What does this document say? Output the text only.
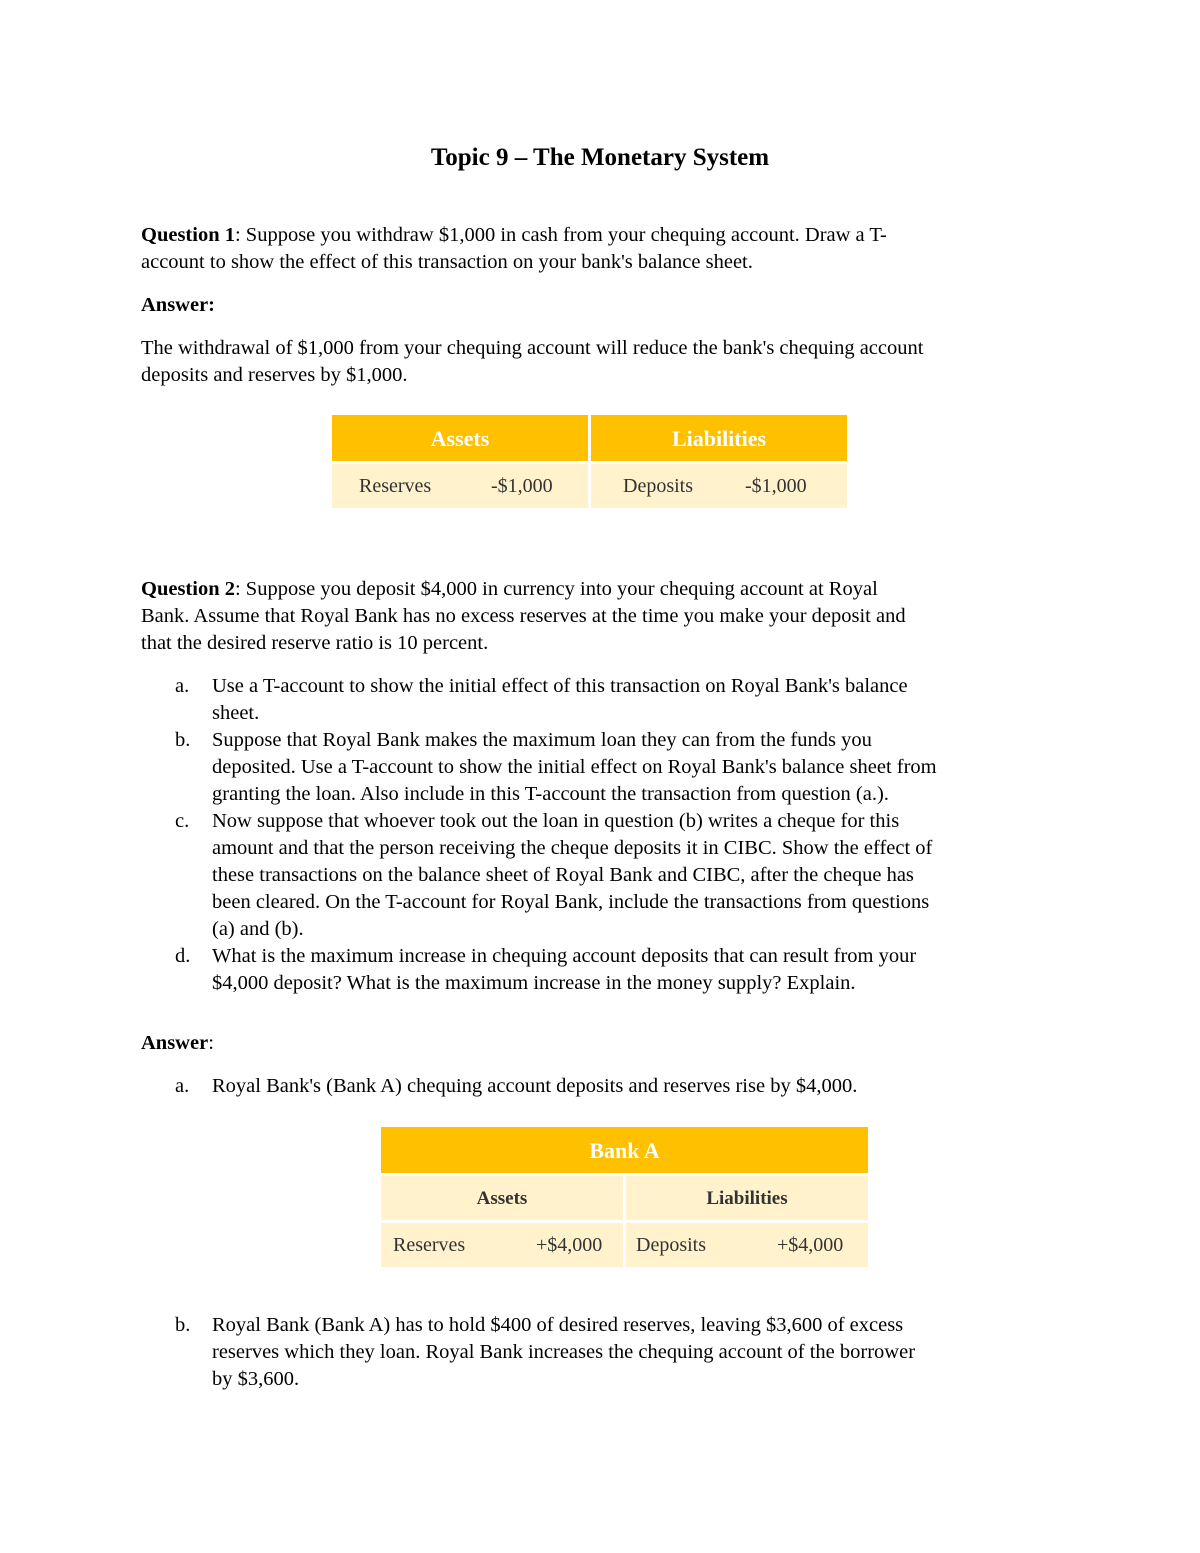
Topic 9 – The Monetary System
Question 1: Suppose you withdraw $1,000 in cash from your chequing account. Draw a T-
account to show the effect of this transaction on your bank's balance sheet.
Answer:
The withdrawal of $1,000 from your chequing account will reduce the bank's chequing account
deposits and reserves by $1,000.
Assets	Liabilities

Reserves -$1,000	Deposits -$1,000
Question 2: Suppose you deposit $4,000 in currency into your chequing account at Royal
Bank. Assume that Royal Bank has no excess reserves at the time you make your deposit and
that the desired reserve ratio is 10 percent.
a. Use a T-account to show the initial effect of this transaction on Royal Bank's balance
sheet.
b. Suppose that Royal Bank makes the maximum loan they can from the funds you
deposited. Use a T-account to show the initial effect on Royal Bank's balance sheet from
granting the loan. Also include in this T-account the transaction from question (a.).
c. Now suppose that whoever took out the loan in question (b) writes a cheque for this
amount and that the person receiving the cheque deposits it in CIBC. Show the effect of
these transactions on the balance sheet of Royal Bank and CIBC, after the cheque has
been cleared. On the T-account for Royal Bank, include the transactions from questions
(a) and (b).
d. What is the maximum increase in chequing account deposits that can result from your
$4,000 deposit? What is the maximum increase in the money supply? Explain.
Answer:
a. Royal Bank's (Bank A) chequing account deposits and reserves rise by $4,000.
Bank A	
Assets	Liabilities

Reserves +$4,000	Deposits +$4,000
b. Royal Bank (Bank A) has to hold $400 of desired reserves, leaving $3,600 of excess
reserves which they loan. Royal Bank increases the chequing account of the borrower
by $3,600.
